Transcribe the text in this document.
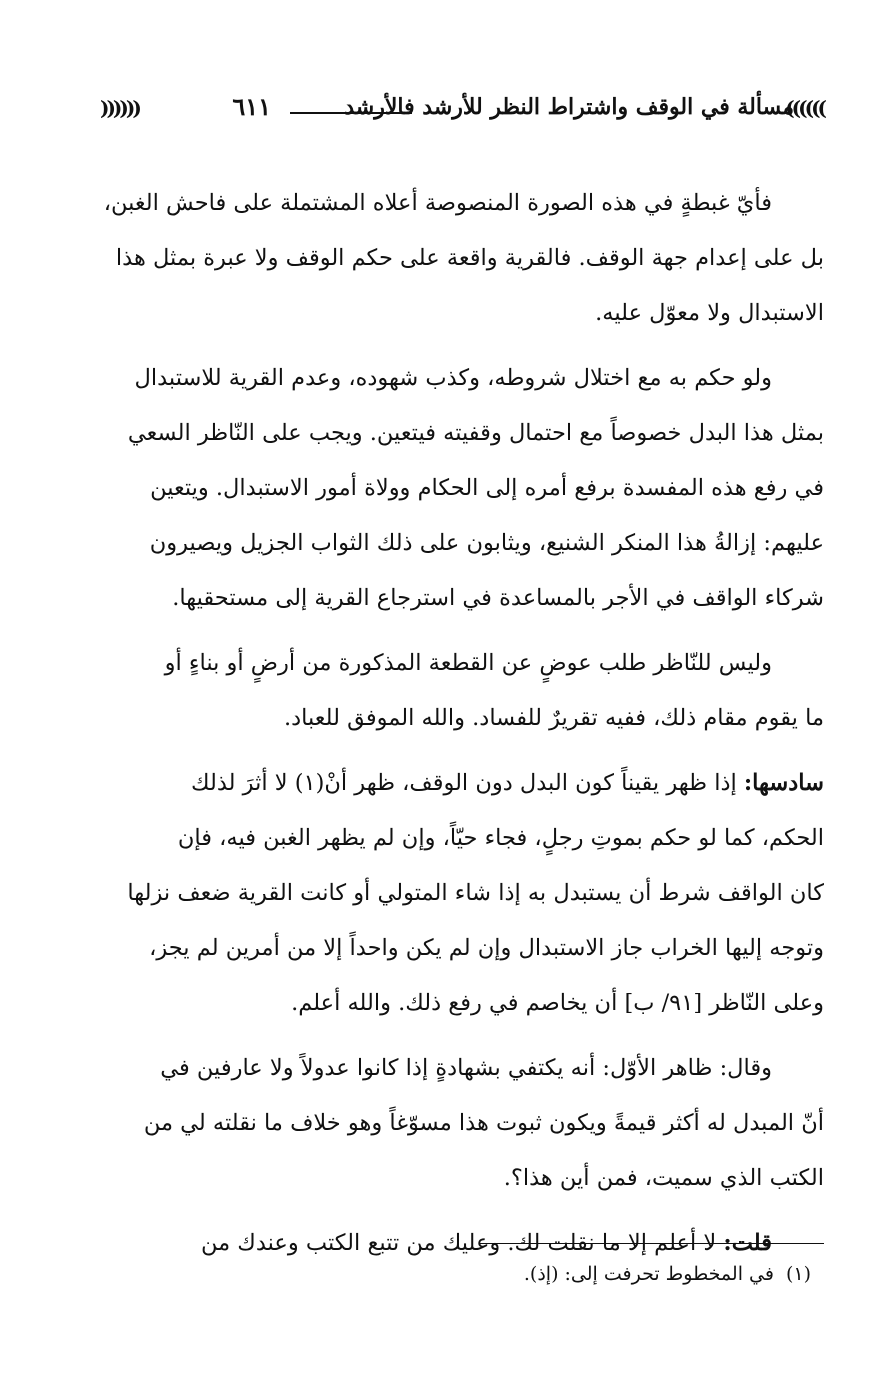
((((((
مسألة في الوقف واشتراط النظر للأرشد فالأرشد
٦١١
))))))
فأيّ غبطةٍ في هذه الصورة المنصوصة أعلاه المشتملة على فاحش الغبن،
بل على إعدام جهة الوقف. فالقرية واقعة على حكم الوقف ولا عبرة بمثل هذا
الاستبدال ولا معوّل عليه.
ولو حكم به مع اختلال شروطه، وكذب شهوده، وعدم القرية للاستبدال
بمثل هذا البدل خصوصاً مع احتمال وقفيته فيتعين. ويجب على النّاظر السعي
في رفع هذه المفسدة برفع أمره إلى الحكام وولاة أمور الاستبدال. ويتعين
عليهم: إزالةُ هذا المنكر الشنيع، ويثابون على ذلك الثواب الجزيل ويصيرون
شركاء الواقف في الأجر بالمساعدة في استرجاع القرية إلى مستحقيها.
وليس للنّاظر طلب عوضٍ عن القطعة المذكورة من أرضٍ أو بناءٍ أو
ما يقوم مقام ذلك، ففيه تقريرٌ للفساد. والله الموفق للعباد.
سادسها: إذا ظهر يقيناً كون البدل دون الوقف، ظهر أنْ(١) لا أثرَ لذلك
الحكم، كما لو حكم بموتِ رجلٍ، فجاء حيّاً، وإن لم يظهر الغبن فيه، فإن
كان الواقف شرط أن يستبدل به إذا شاء المتولي أو كانت القرية ضعف نزلها
وتوجه إليها الخراب جاز الاستبدال وإن لم يكن واحداً إلا من أمرين لم يجز،
وعلى النّاظر [٩١/ ب] أن يخاصم في رفع ذلك. والله أعلم.
وقال: ظاهر الأوّل: أنه يكتفي بشهادةٍ إذا كانوا عدولاً ولا عارفين في
أنّ المبدل له أكثر قيمةً ويكون ثبوت هذا مسوّغاً وهو خلاف ما نقلته لي من
الكتب الذي سميت، فمن أين هذا؟.
قلت: لا أعلم إلا ما نقلت لك. وعليك من تتبع الكتب وعندك من
(١)في المخطوط تحرفت إلى: (إذ).
